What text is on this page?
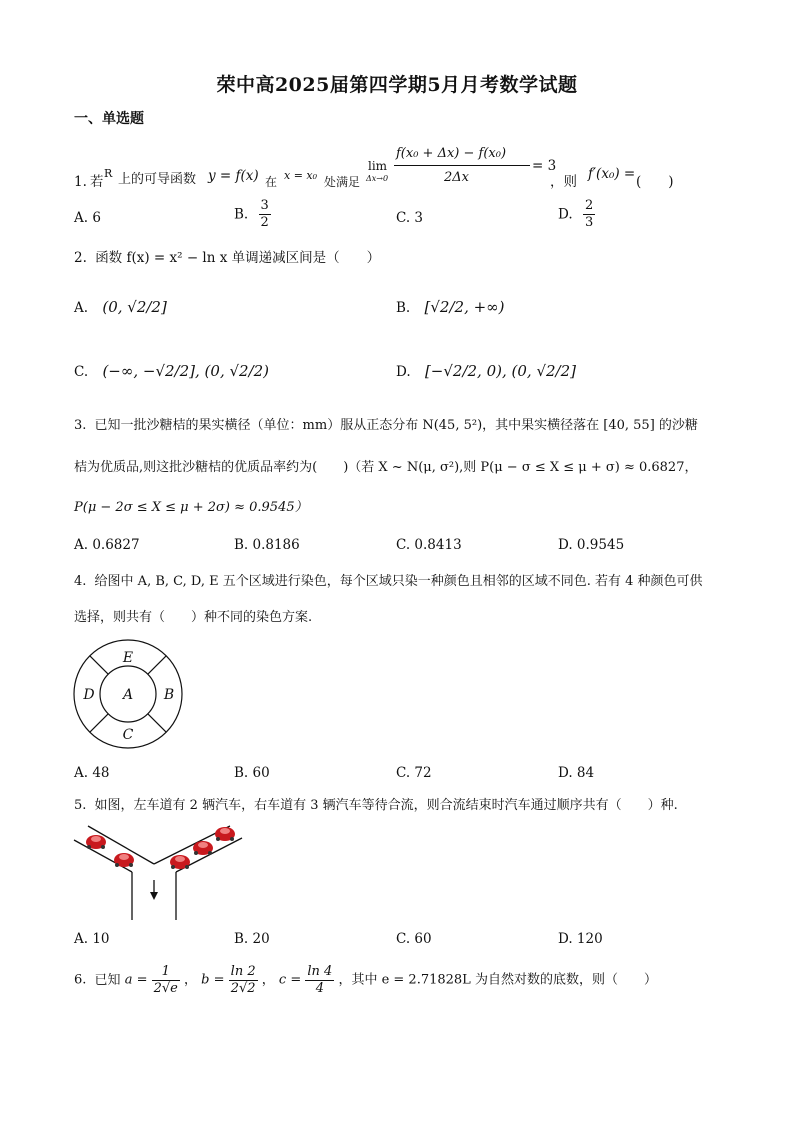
荣中高2025届第四学期5月月考数学试题
一、单选题
1. 若
R 上的可导函数 y = f(x) 在 x = x₀ 处满足
lim
Δx→0
f(x₀ + Δx) − f(x₀)
2Δx
= 3
，则 f′(x₀) = (　　)
A. 6	B. $\frac{3}{2}$	C. 3	D. $\frac{2}{3}$
2. 函数 f(x) = x² − ln x 单调递减区间是（　　）
A. (0, √2/2]	B. [√2/2, +∞)
C. (−∞, −√2/2], (0, √2/2)	D. [−√2/2, 0), (0, √2/2]
3. 已知一批沙糖桔的果实横径（单位：mm）服从正态分布 N(45, 5²)，其中果实横径落在 [40, 55] 的沙糖
桔为优质品,则这批沙糖桔的优质品率约为(　　)（若 X ~ N(μ, σ²),则 P(μ − σ ≤ X ≤ μ + σ) ≈ 0.6827，
P(μ − 2σ ≤ X ≤ μ + 2σ) ≈ 0.9545）
A. 0.6827	B. 0.8186	C. 0.8413	D. 0.9545
4. 给图中 A, B, C, D, E 五个区域进行染色，每个区域只染一种颜色且相邻的区域不同色. 若有 4 种颜色可供
选择，则共有（　　）种不同的染色方案.
A B
C
D
E
A. 48	B. 60	C. 72	D. 84
5. 如图，左车道有 2 辆汽车，右车道有 3 辆汽车等待合流，则合流结束时汽车通过顺序共有（　　）种.
A. 10	B. 20	C. 60	D. 120
6. 已知 $a = \frac{1}{2√e}$ ， $b = \frac{\ln 2}{2√2}$ ， $c = \frac{\ln 4}{4}$ ，其中 e = 2.71828L 为自然对数的底数，则（　　）
